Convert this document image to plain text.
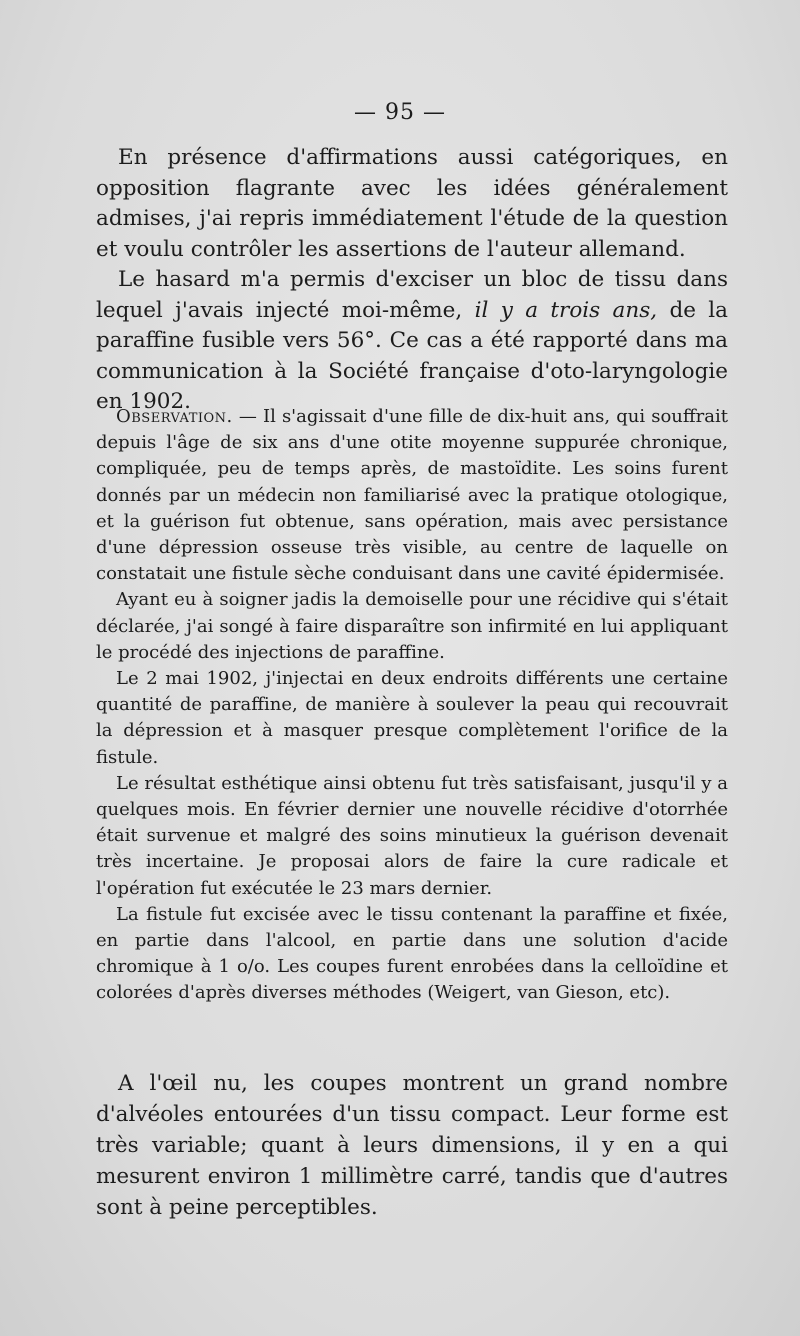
— 95 —

En présence d'affirmations aussi catégoriques, en opposition flagrante avec les idées généralement admises, j'ai repris immédiatement l'étude de la question et voulu contrôler les assertions de l'auteur allemand.

Le hasard m'a permis d'exciser un bloc de tissu dans lequel j'avais injecté moi-même, il y a trois ans, de la paraffine fusible vers 56°. Ce cas a été rapporté dans ma communication à la Société française d'oto-laryngologie en 1902.

Observation. — Il s'agissait d'une fille de dix-huit ans, qui souffrait depuis l'âge de six ans d'une otite moyenne suppurée chronique, compliquée, peu de temps après, de mastoïdite. Les soins furent donnés par un médecin non familiarisé avec la pratique otologique, et la guérison fut obtenue, sans opération, mais avec persistance d'une dépression osseuse très visible, au centre de laquelle on constatait une fistule sèche conduisant dans une cavité épidermisée.

Ayant eu à soigner jadis la demoiselle pour une récidive qui s'était déclarée, j'ai songé à faire disparaître son infirmité en lui appliquant le procédé des injections de paraffine.

Le 2 mai 1902, j'injectai en deux endroits différents une certaine quantité de paraffine, de manière à soulever la peau qui recouvrait la dépression et à masquer presque complètement l'orifice de la fistule.

Le résultat esthétique ainsi obtenu fut très satisfaisant, jusqu'il y a quelques mois. En février dernier une nouvelle récidive d'otorrhée était survenue et malgré des soins minutieux la guérison devenait très incertaine. Je proposai alors de faire la cure radicale et l'opération fut exécutée le 23 mars dernier.

La fistule fut excisée avec le tissu contenant la paraffine et fixée, en partie dans l'alcool, en partie dans une solution d'acide chromique à 1 o/o. Les coupes furent enrobées dans la celloïdine et colorées d'après diverses méthodes (Weigert, van Gieson, etc).

A l'œil nu, les coupes montrent un grand nombre d'alvéoles entourées d'un tissu compact. Leur forme est très variable; quant à leurs dimensions, il y en a qui mesurent environ 1 millimètre carré, tandis que d'autres sont à peine perceptibles.
